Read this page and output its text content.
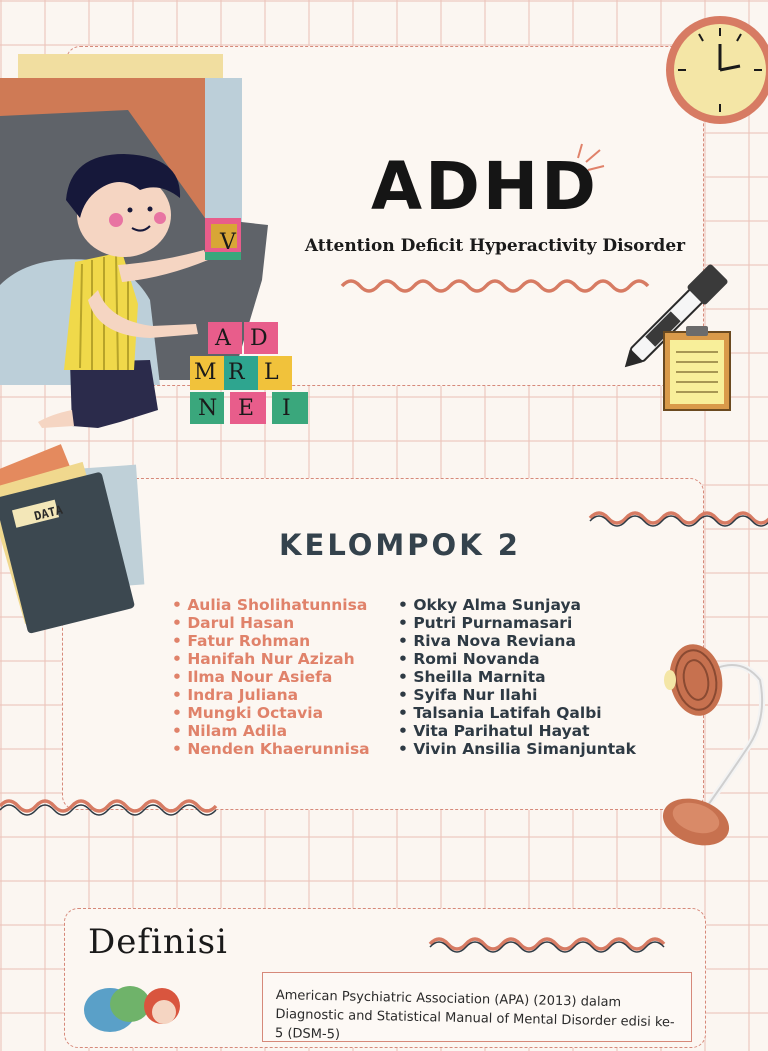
V
A D
M R L
N E I
ADHD
Attention Deficit Hyperactivity Disorder
DATA
KELOMPOK 2
• Aulia Sholihatunnisa
• Darul Hasan
• Fatur Rohman
• Hanifah Nur Azizah
• Ilma Nour Asiefa
• Indra Juliana
• Mungki Octavia
• Nilam Adila
• Nenden Khaerunnisa
• Okky Alma Sunjaya
• Putri Purnamasari
• Riva Nova Reviana
• Romi Novanda
• Sheilla Marnita
• Syifa Nur Ilahi
• Talsania Latifah Qalbi
• Vita Parihatul Hayat
• Vivin Ansilia Simanjuntak
Definisi
American Psychiatric Association (APA) (2013) dalam Diagnostic and Statistical Manual of Mental Disorder edisi ke-5 (DSM-5)
